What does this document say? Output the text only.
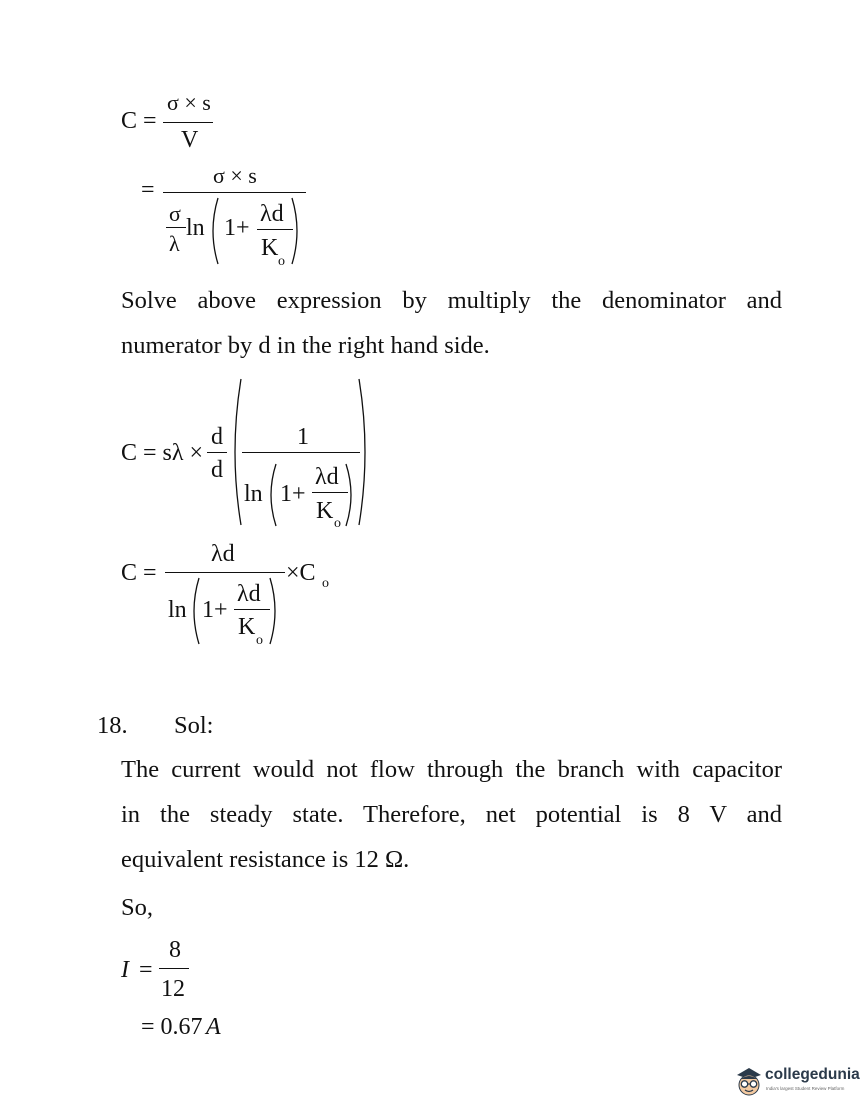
C =
σ × s
V
=
σ × s
σ
λ
ln 1+
λd
K
o
Solve above expression by multiply the denominator and
numerator by d in the right hand side.
C = sλ ×
d
d
1
ln 1+
λd
K o
C =
λd
ln 1+
λd
K
o
×C o
18. Sol:
The current would not flow through the branch with capacitor
in the steady state. Therefore, net potential is 8 V and
equivalent resistance is 12 Ω.
So,
I =
8
12
= 0.67 A
collegedunia
India's largest Student Review Platform
